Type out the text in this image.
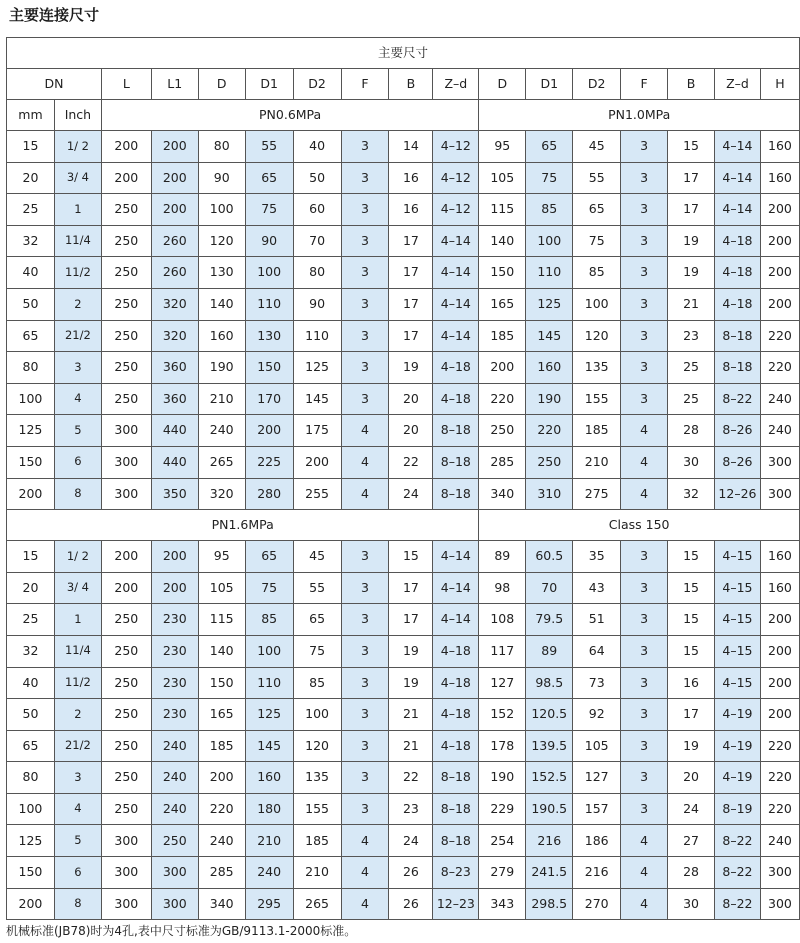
主要连接尺寸
主要尺寸																
DN		L	L1	D	D1	D2	F	B	Z–d	D	D1	D2	F	B	Z–d	H
mm	Inch	PN0.6MPa								PN1.0MPa						
15	1/ 2	200	200	80	55	40	3	14	4–12	95	65	45	3	15	4–14	160
20	3/ 4	200	200	90	65	50	3	16	4–12	105	75	55	3	17	4–14	160
25	1	250	200	100	75	60	3	16	4–12	115	85	65	3	17	4–14	200
32	11/4	250	260	120	90	70	3	17	4–14	140	100	75	3	19	4–18	200
40	11/2	250	260	130	100	80	3	17	4–14	150	110	85	3	19	4–18	200
50	2	250	320	140	110	90	3	17	4–14	165	125	100	3	21	4–18	200
65	21/2	250	320	160	130	110	3	17	4–14	185	145	120	3	23	8–18	220
80	3	250	360	190	150	125	3	19	4–18	200	160	135	3	25	8–18	220
100	4	250	360	210	170	145	3	20	4–18	220	190	155	3	25	8–22	240
125	5	300	440	240	200	175	4	20	8–18	250	220	185	4	28	8–26	240
150	6	300	440	265	225	200	4	22	8–18	285	250	210	4	30	8–26	300
200	8	300	350	320	280	255	4	24	8–18	340	310	275	4	32	12–26	300
PN1.6MPa										Class 150						
15	1/ 2	200	200	95	65	45	3	15	4–14	89	60.5	35	3	15	4–15	160
20	3/ 4	200	200	105	75	55	3	17	4–14	98	70	43	3	15	4–15	160
25	1	250	230	115	85	65	3	17	4–14	108	79.5	51	3	15	4–15	200
32	11/4	250	230	140	100	75	3	19	4–18	117	89	64	3	15	4–15	200
40	11/2	250	230	150	110	85	3	19	4–18	127	98.5	73	3	16	4–15	200
50	2	250	230	165	125	100	3	21	4–18	152	120.5	92	3	17	4–19	200
65	21/2	250	240	185	145	120	3	21	4–18	178	139.5	105	3	19	4–19	220
80	3	250	240	200	160	135	3	22	8–18	190	152.5	127	3	20	4–19	220
100	4	250	240	220	180	155	3	23	8–18	229	190.5	157	3	24	8–19	220
125	5	300	250	240	210	185	4	24	8–18	254	216	186	4	27	8–22	240
150	6	300	300	285	240	210	4	26	8–23	279	241.5	216	4	28	8–22	300
200	8	300	300	340	295	265	4	26	12–23	343	298.5	270	4	30	8–22	300
机械标准(JB78)时为4孔,表中尺寸标准为GB/9113.1-2000标准。
